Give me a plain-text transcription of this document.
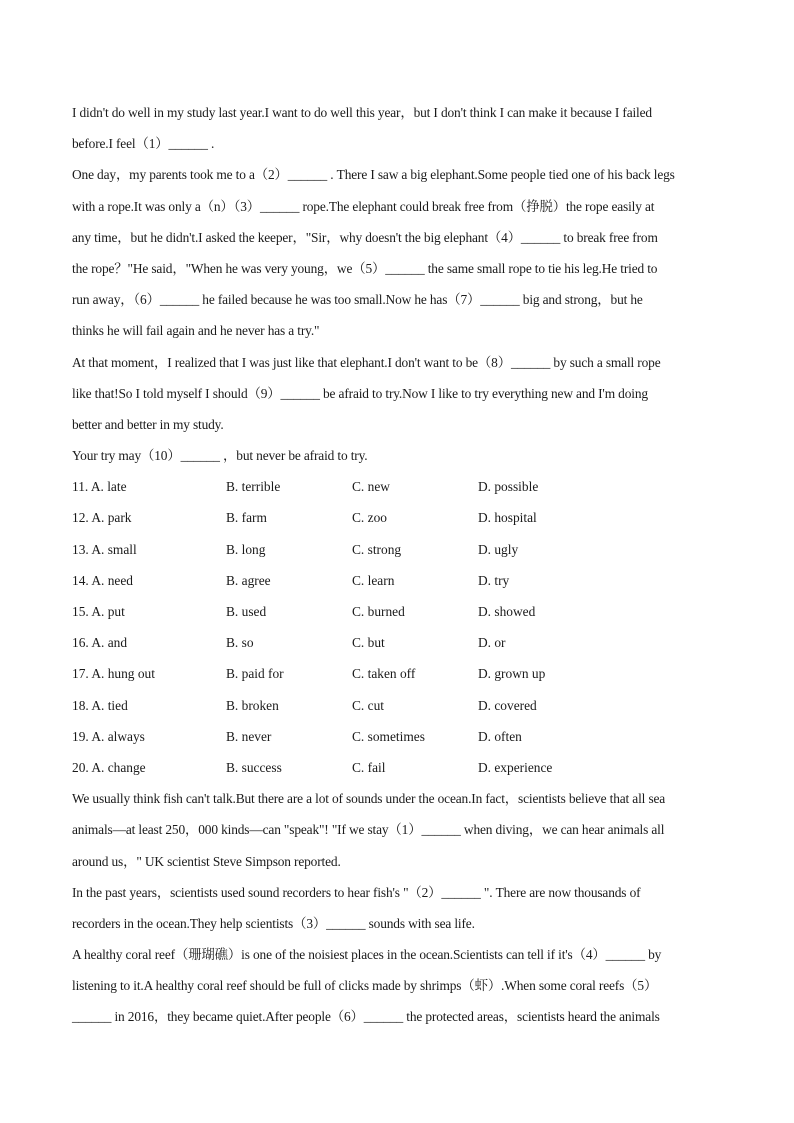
I didn't do well in my study last year.I want to do well this year，but I don't think I can make it because I failed
before.I feel（1）______ .
One day，my parents took me to a（2）______ . There I saw a big elephant.Some people tied one of his back legs
with a rope.It was only a（n）（3）______ rope.The elephant could break free from（挣脱）the rope easily at
any time，but he didn't.I asked the keeper，"Sir，why doesn't the big elephant（4）______ to break free from
the rope？"He said，"When he was very young，we（5）______ the same small rope to tie his leg.He tried to
run away，（6）______ he failed because he was too small.Now he has（7）______ big and strong，but he
thinks he will fail again and he never has a try."
At that moment，I realized that I was just like that elephant.I don't want to be（8）______ by such a small rope
like that!So I told myself I should（9）______ be afraid to try.Now I like to try everything new and I'm doing
better and better in my study.
Your try may（10）______ ，but never be afraid to try.
11. A. late	B. terrible	C. new	D. possible
12. A. park	B. farm	C. zoo	D. hospital
13. A. small	B. long	C. strong	D. ugly
14. A. need	B. agree	C. learn	D. try
15. A. put	B. used	C. burned	D. showed
16. A. and	B. so	C. but	D. or
17. A. hung out	B. paid for	C. taken off	D. grown up
18. A. tied	B. broken	C. cut	D. covered
19. A. always	B. never	C. sometimes	D. often
20. A. change	B. success	C. fail	D. experience
We usually think fish can't talk.But there are a lot of sounds under the ocean.In fact，scientists believe that all sea
animals—at least 250，000 kinds—can "speak"! "If we stay（1）______ when diving，we can hear animals all
around us，" UK scientist Steve Simpson reported.
In the past years，scientists used sound recorders to hear fish's "（2）______ ". There are now thousands of
recorders in the ocean.They help scientists（3）______ sounds with sea life.
A healthy coral reef（珊瑚礁）is one of the noisiest places in the ocean.Scientists can tell if it's（4）______ by
listening to it.A healthy coral reef should be full of clicks made by shrimps（虾）.When some coral reefs（5）
______ in 2016，they became quiet.After people（6）______ the protected areas，scientists heard the animals
